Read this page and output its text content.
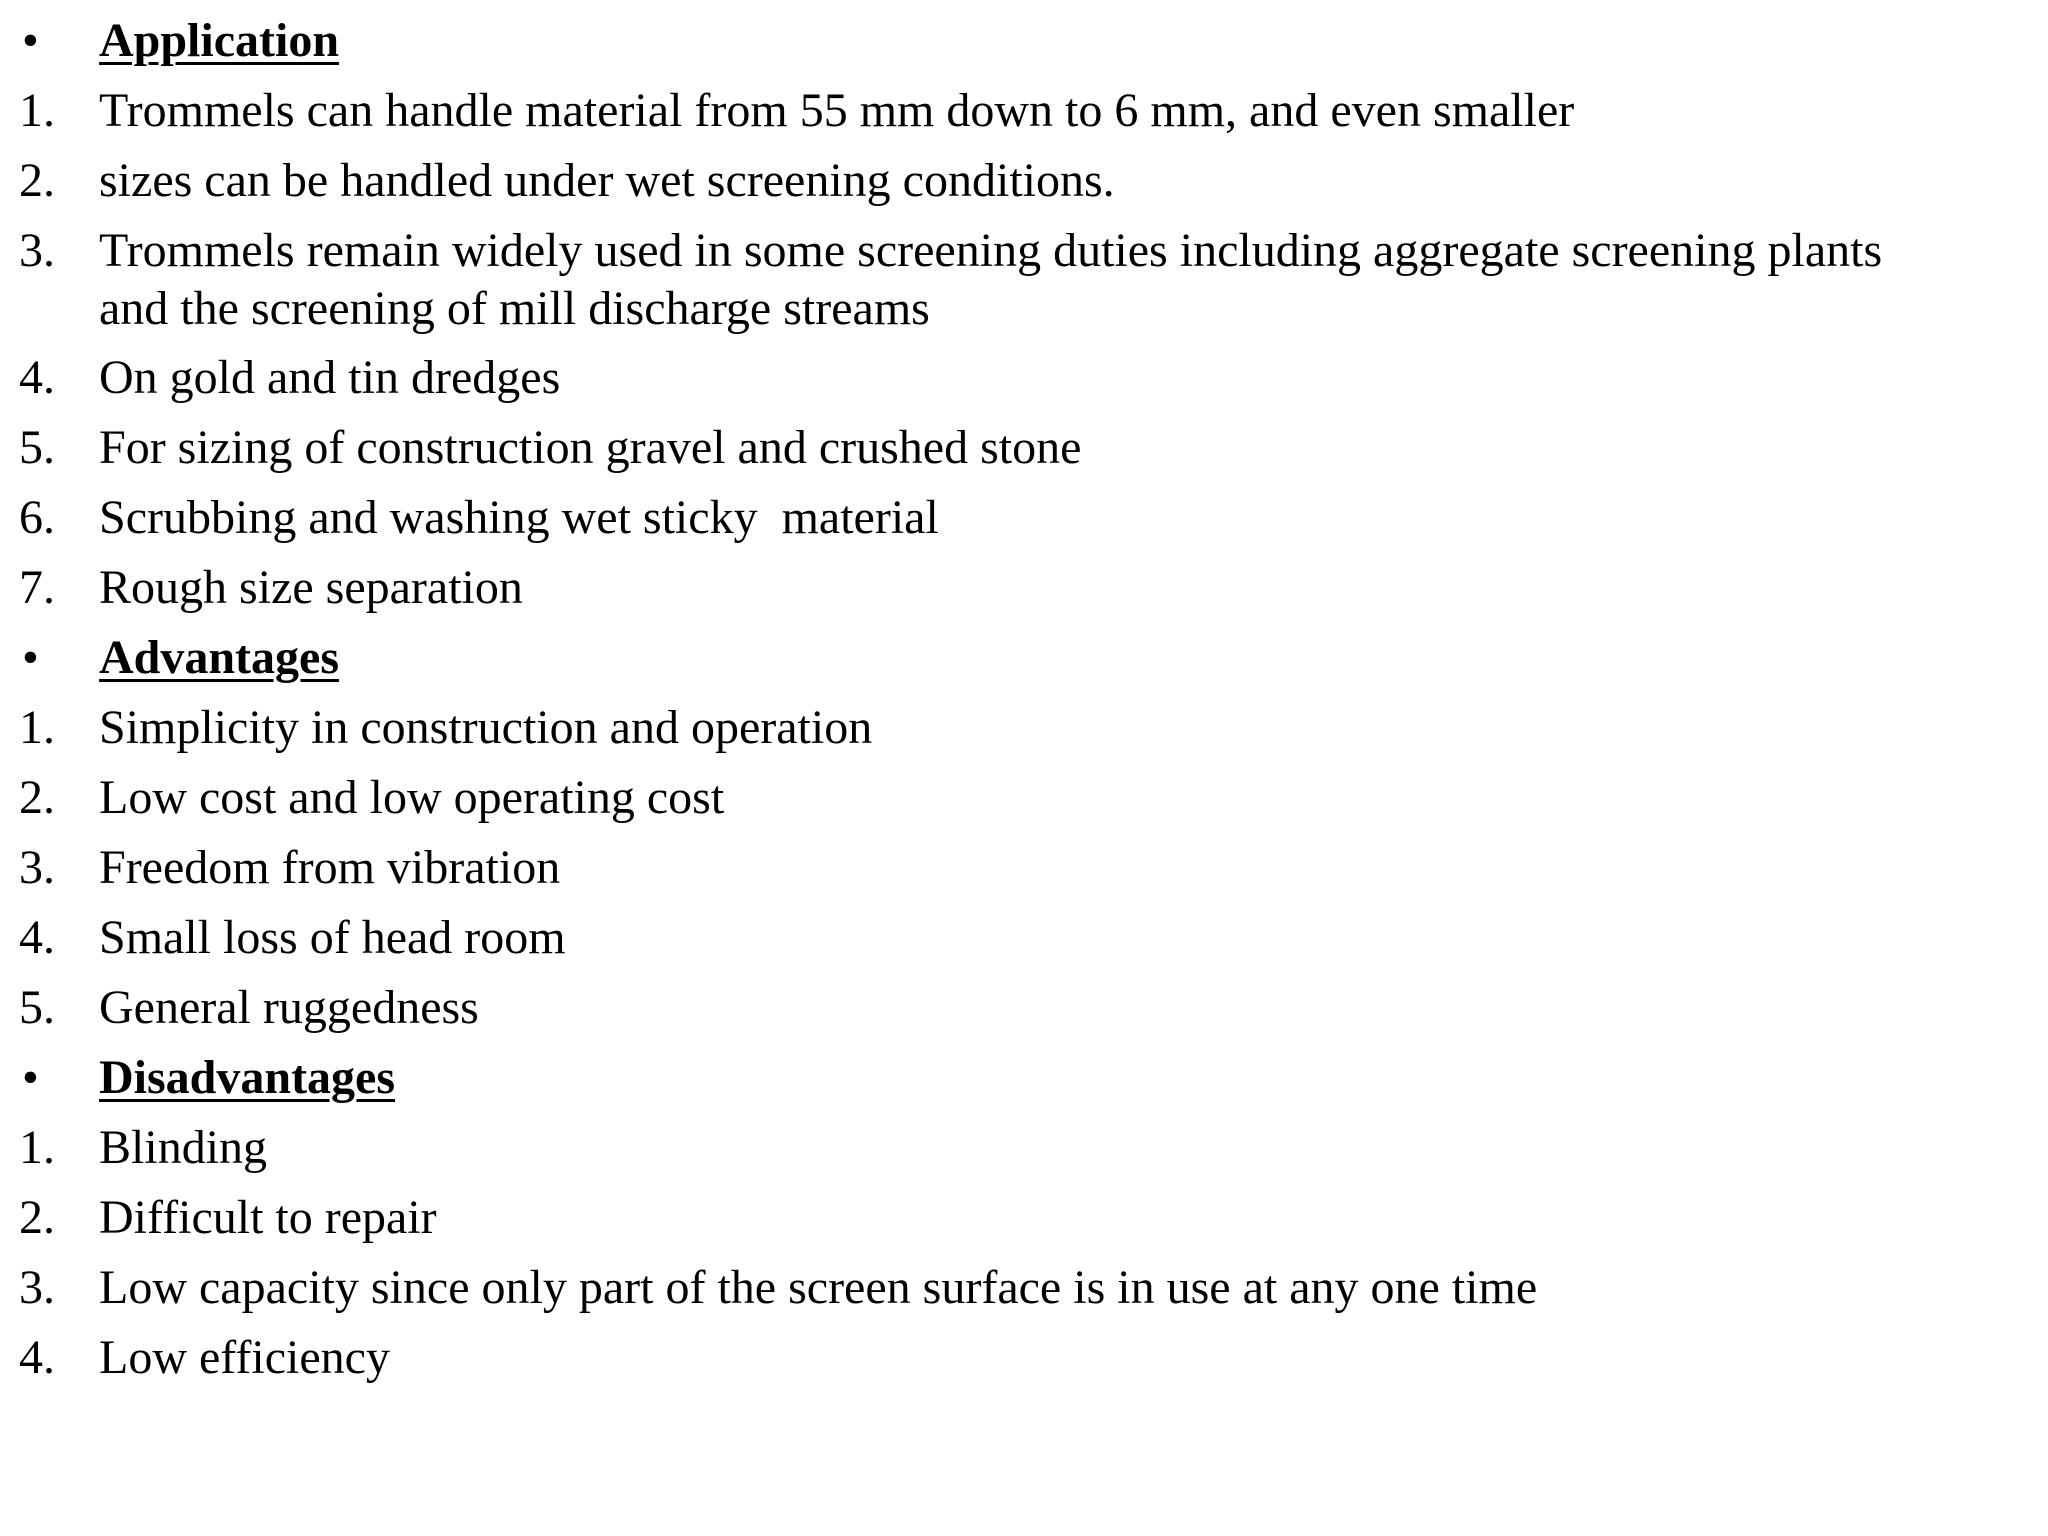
•	Application
1. Trommels can handle material from 55 mm down to 6 mm, and even smaller
2. sizes can be handled under wet screening conditions.
3. Trommels remain widely used in some screening duties including aggregate screening plants
and the screening of mill discharge streams
4. On gold and tin dredges
5. For sizing of construction gravel and crushed stone
6. Scrubbing and washing wet sticky  material
7. Rough size separation
•	Advantages
1. Simplicity in construction and operation
2. Low cost and low operating cost
3. Freedom from vibration
4. Small loss of head room
5. General ruggedness
•	Disadvantages
1. Blinding
2. Difficult to repair
3. Low capacity since only part of the screen surface is in use at any one time
4. Low efficiency
